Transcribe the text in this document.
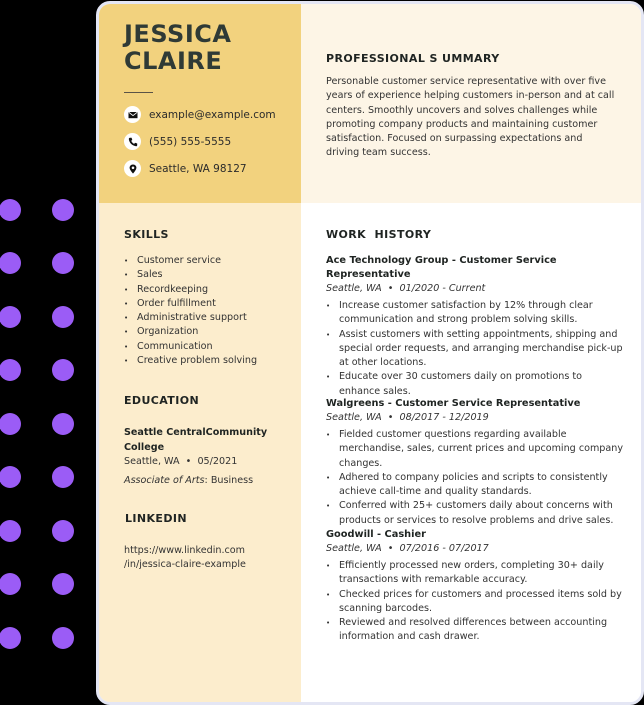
JESSICA
CLAIRE
example@example.com
(555) 555-5555
Seattle, WA 98127
PROFESSIONAL S UMMARY
Personable customer service representative with over five years of experience helping customers in-person and at call centers. Smoothly uncovers and solves challenges while promoting company products and maintaining customer satisfaction. Focused on surpassing expectations and driving team success.
SKILLS
• Customer service
• Sales
• Recordkeeping
• Order fulfillment
• Administrative support
• Organization
• Communication
• Creative problem solving
EDUCATION
Seattle CentralCommunity
College
Seattle, WA  •  05/2021
Associate of Arts: Business
LINKEDIN
https://www.linkedin.com
/in/jessica-claire-example
WORK  HISTORY
Ace Technology Group - Customer Service Representative
Seattle, WA  •  01/2020 - Current
• Increase customer satisfaction by 12% through clear communication and strong problem solving skills.
• Assist customers with setting appointments, shipping and special order requests, and arranging merchandise pick-up at other locations.
• Educate over 30 customers daily on promotions to enhance sales.
Walgreens - Customer Service Representative
Seattle, WA  •  08/2017 - 12/2019
• Fielded customer questions regarding available merchandise, sales, current prices and upcoming company changes.
• Adhered to company policies and scripts to consistently achieve call-time and quality standards.
• Conferred with 25+ customers daily about concerns with products or services to resolve problems and drive sales.
Goodwill - Cashier
Seattle, WA  •  07/2016 - 07/2017
• Efficiently processed new orders, completing 30+ daily transactions with remarkable accuracy.
• Checked prices for customers and processed items sold by scanning barcodes.
• Reviewed and resolved differences between accounting information and cash drawer.
